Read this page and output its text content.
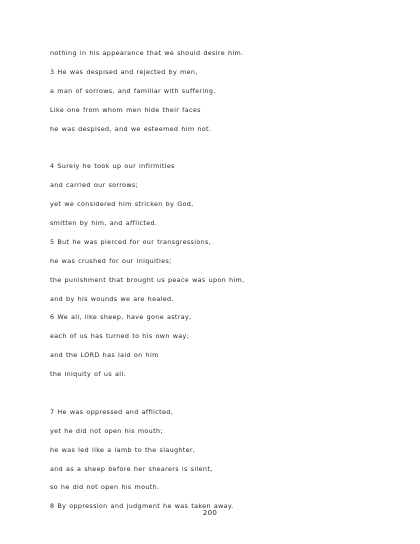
nothing in his appearance that we should desire him.
3 He was despised and rejected by men,
a man of sorrows, and familiar with suffering.
Like one from whom men hide their faces
he was despised, and we esteemed him not.
4 Surely he took up our infirmities
and carried our sorrows;
yet we considered him stricken by God,
smitten by him, and afflicted.
5 But he was pierced for our transgressions,
he was crushed for our iniquities;
the punishment that brought us peace was upon him,
and by his wounds we are healed.
6 We all, like sheep, have gone astray,
each of us has turned to his own way;
and the LORD has laid on him
the iniquity of us all.
7 He was oppressed and afflicted,
yet he did not open his mouth;
he was led like a lamb to the slaughter,
and as a sheep before her shearers is silent,
so he did not open his mouth.
8 By oppression and judgment he was taken away.
200
